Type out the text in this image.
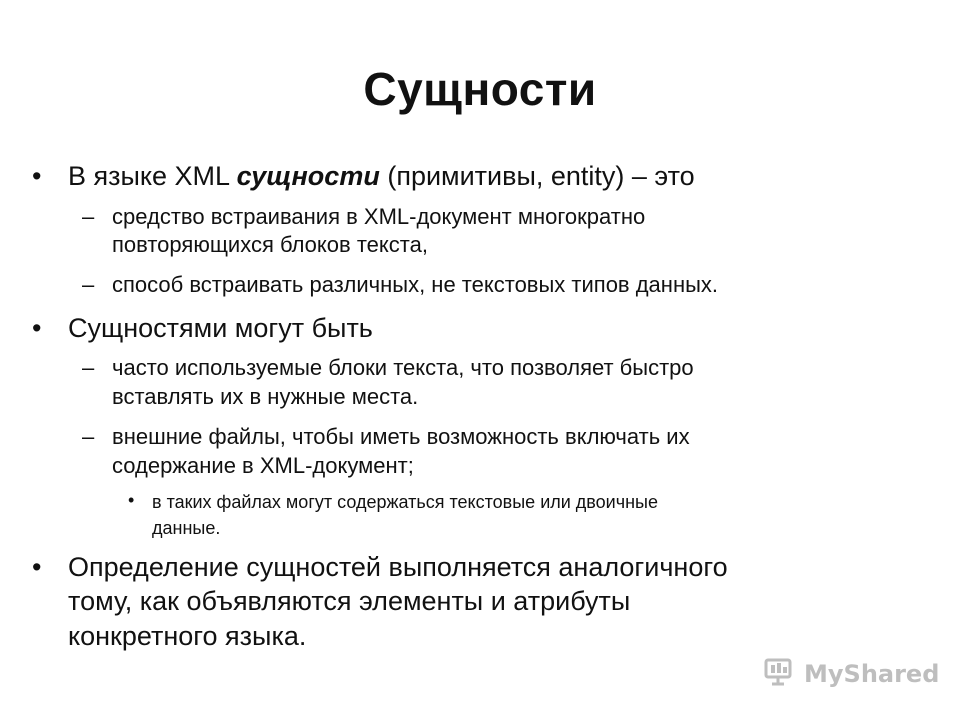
Сущности
• В языке XML сущности (примитивы, entity) – это
– средство встраивания в XML-документ многократно
повторяющихся блоков текста,
– способ встраивать различных, не текстовых типов данных.
• Сущностями могут быть
– часто используемые блоки текста, что позволяет быстро
вставлять их в нужные места.
– внешние файлы, чтобы иметь возможность включать их
содержание в XML-документ;
• в таких файлах могут содержаться текстовые или двоичные
данные.
• Определение сущностей выполняется аналогичного
тому, как объявляются элементы и атрибуты
конкретного языка.
MyShared
